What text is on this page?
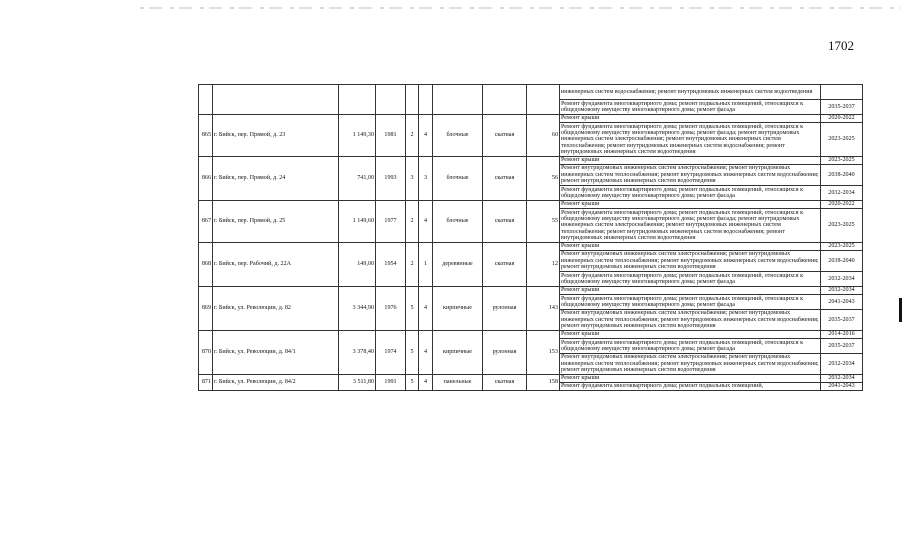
1702
									инженерных систем водоснабжения; ремонт внутридомовых инженерных систем водоотведения	
									Ремонт фундамента многоквартирного дома; ремонт подвальных помещений, относящихся к общедомовому имуществу многоквартирного дома; ремонт фасада	2035-2037
865	г. Бийск, пер. Прямой, д. 23	1 149,30	1981	2	4	блочные	скатная	60	Ремонт крыши	2020-2022
									Ремонт фундамента многоквартирного дома; ремонт подвальных помещений, относящихся к общедомовому имуществу многоквартирного дома; ремонт фасада; ремонт внутридомовых инженерных систем электроснабжения; ремонт внутридомовых инженерных систем теплоснабжения; ремонт внутридомовых инженерных систем водоснабжения; ремонт внутридомовых инженерных систем водоотведения	2023-2025
866	г. Бийск, пер. Прямой, д. 24	741,00	1993	3	3	блочные	скатная	56	Ремонт крыши	2023-2025
									Ремонт внутридомовых инженерных систем электроснабжения; ремонт внутридомовых инженерных систем теплоснабжения; ремонт внутридомовых инженерных систем водоснабжения; ремонт внутридомовых инженерных систем водоотведения	2038-2040
									Ремонт фундамента многоквартирного дома; ремонт подвальных помещений, относящихся к общедомовому имуществу многоквартирного дома; ремонт фасада	2032-2034
867	г. Бийск, пер. Прямой, д. 25	1 149,60	1977	2	4	блочные	скатная	55	Ремонт крыши	2020-2022
									Ремонт фундамента многоквартирного дома; ремонт подвальных помещений, относящихся к общедомовому имуществу многоквартирного дома; ремонт фасада; ремонт внутридомовых инженерных систем электроснабжения; ремонт внутридомовых инженерных систем теплоснабжения; ремонт внутридомовых инженерных систем водоснабжения; ремонт внутридомовых инженерных систем водоотведения	2023-2025
868	г. Бийск, пер. Рабочий, д. 22А	149,00	1954	2	1	деревянные	скатная	12	Ремонт крыши	2023-2025
									Ремонт внутридомовых инженерных систем электроснабжения; ремонт внутридомовых инженерных систем теплоснабжения; ремонт внутридомовых инженерных систем водоснабжения; ремонт внутридомовых инженерных систем водоотведения	2038-2040
									Ремонт фундамента многоквартирного дома; ремонт подвальных помещений, относящихся к общедомовому имуществу многоквартирного дома; ремонт фасада	2032-2034
869	г. Бийск, ул. Революции, д. 82	3 344,90	1976	5	4	кирпичные	рулонная	143	Ремонт крыши	2032-2034
									Ремонт фундамента многоквартирного дома; ремонт подвальных помещений, относящихся к общедомовому имуществу многоквартирного дома; ремонт фасада	2041-2043
									Ремонт внутридомовых инженерных систем электроснабжения; ремонт внутридомовых инженерных систем теплоснабжения; ремонт внутридомовых инженерных систем водоснабжения; ремонт внутридомовых инженерных систем водоотведения	2035-2037
870	г. Бийск, ул. Революции, д. 84/1	3 378,40	1974	5	4	кирпичные	рулонная	153	Ремонт крыши	2014-2016
									Ремонт фундамента многоквартирного дома; ремонт подвальных помещений, относящихся к общедомовому имуществу многоквартирного дома; ремонт фасада	2035-2037
									Ремонт внутридомовых инженерных систем электроснабжения; ремонт внутридомовых инженерных систем теплоснабжения; ремонт внутридомовых инженерных систем водоснабжения; ремонт внутридомовых инженерных систем водоотведения	2032-2034
871	г. Бийск, ул. Революции, д. 84/2	3 511,80	1991	5	4	панельные	скатная	158	Ремонт крыши	2032-2034
									Ремонт фундамента многоквартирного дома; ремонт подвальных помещений,	2041-2043
